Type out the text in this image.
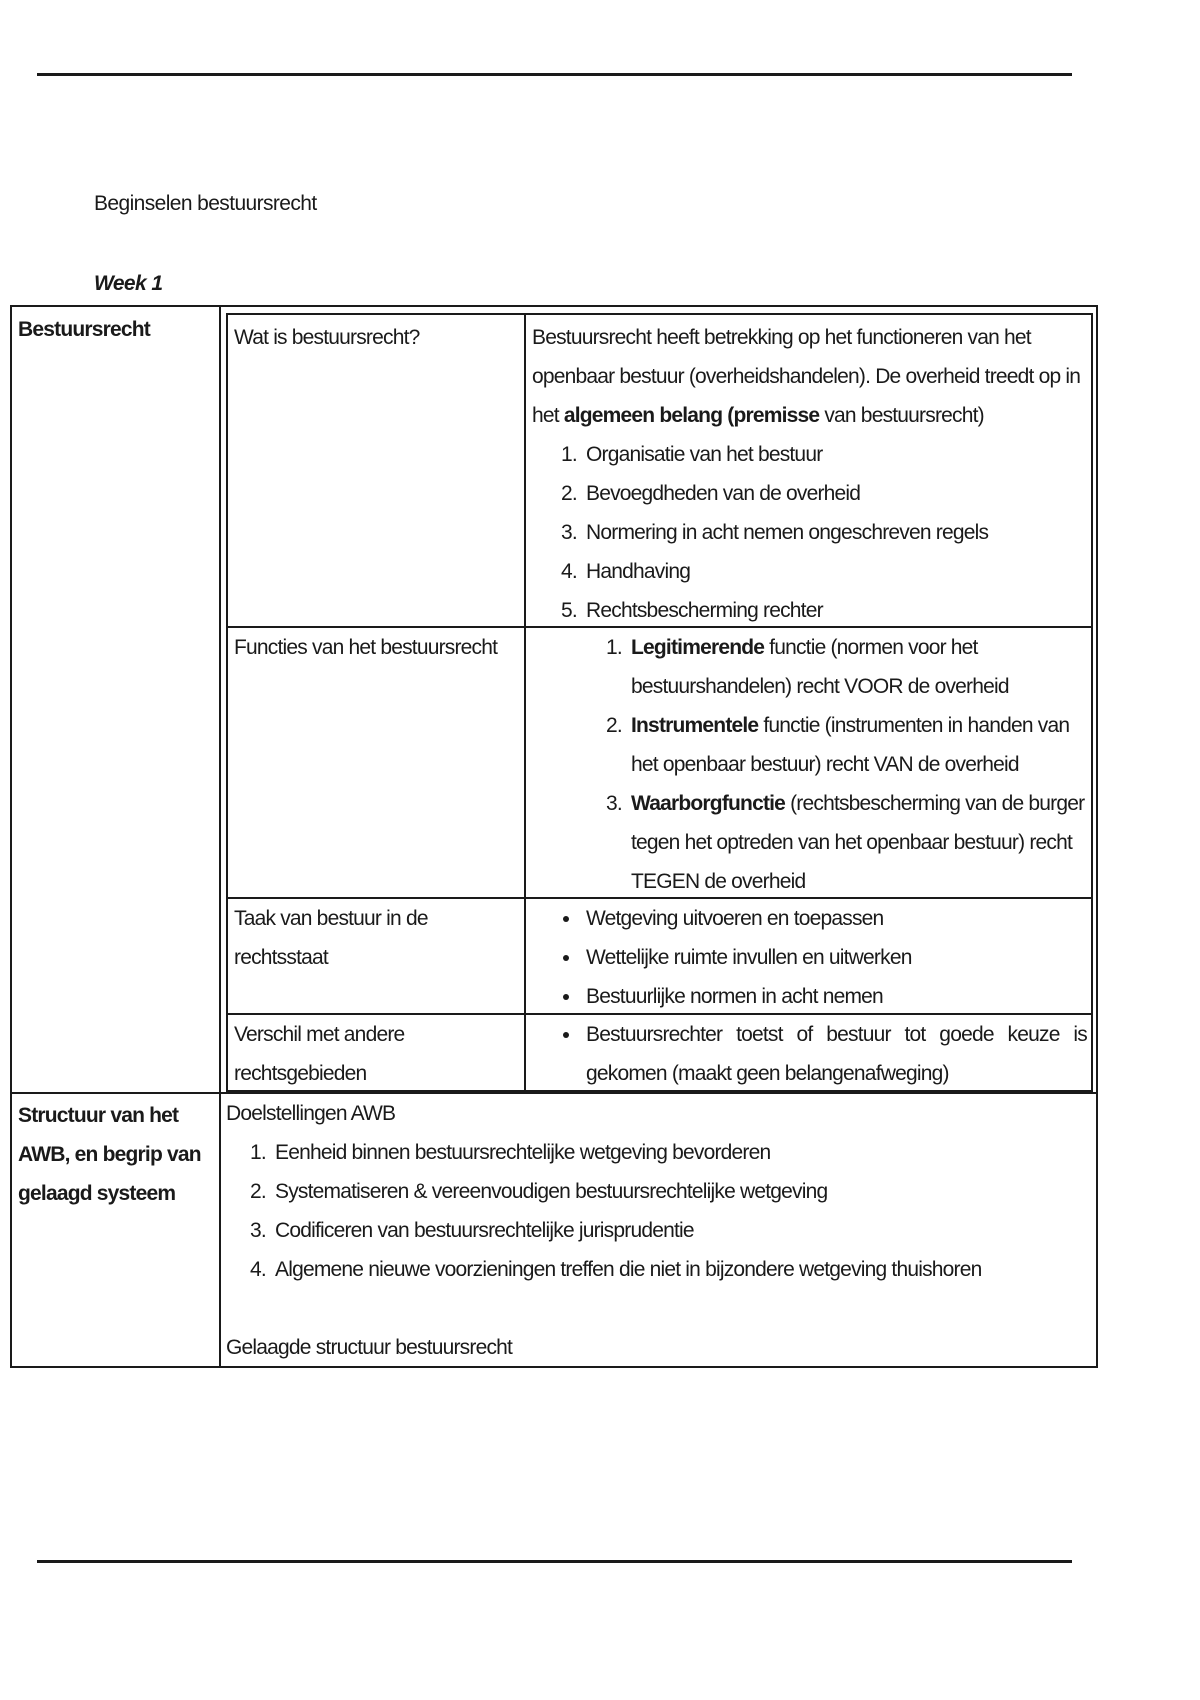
Beginselen bestuursrecht
Week 1
Bestuursrecht
Structuur van het AWB, en begrip van gelaagd systeem
Wat is bestuursrecht?	Bestuursrecht heeft betrekking op het functioneren van het openbaar bestuur (overheidshandelen). De overheid treedt op in het algemeen belang (premisse van bestuursrecht)
1. Organisatie van het bestuur
2. Bevoegdheden van de overheid
3. Normering in acht nemen ongeschreven regels
4. Handhaving
5. Rechtsbescherming rechter
Functies van het bestuursrecht
1.	Legitimerende functie (normen voor het bestuurshandelen) recht VOOR de overheid
2. Instrumentele functie (instrumenten in handen van het openbaar bestuur) recht VAN de overheid
3. Waarborgfunctie (rechtsbescherming van de burger tegen het optreden van het openbaar bestuur) recht TEGEN de overheid
Taak van bestuur in de rechtsstaat
• Wetgeving uitvoeren en toepassen
• Wettelijke ruimte invullen en uitwerken
• Bestuurlijke normen in acht nemen
Verschil met andere rechtsgebieden
• Bestuursrechter toetst of bestuur tot goede keuze is gekomen (maakt geen belangenafweging)
Doelstellingen AWB
1. Eenheid binnen bestuursrechtelijke wetgeving bevorderen
2. Systematiseren & vereenvoudigen bestuursrechtelijke wetgeving
3. Codificeren van bestuursrechtelijke jurisprudentie
4. Algemene nieuwe voorzieningen treffen die niet in bijzondere wetgeving thuishoren
Gelaagde structuur bestuursrecht
